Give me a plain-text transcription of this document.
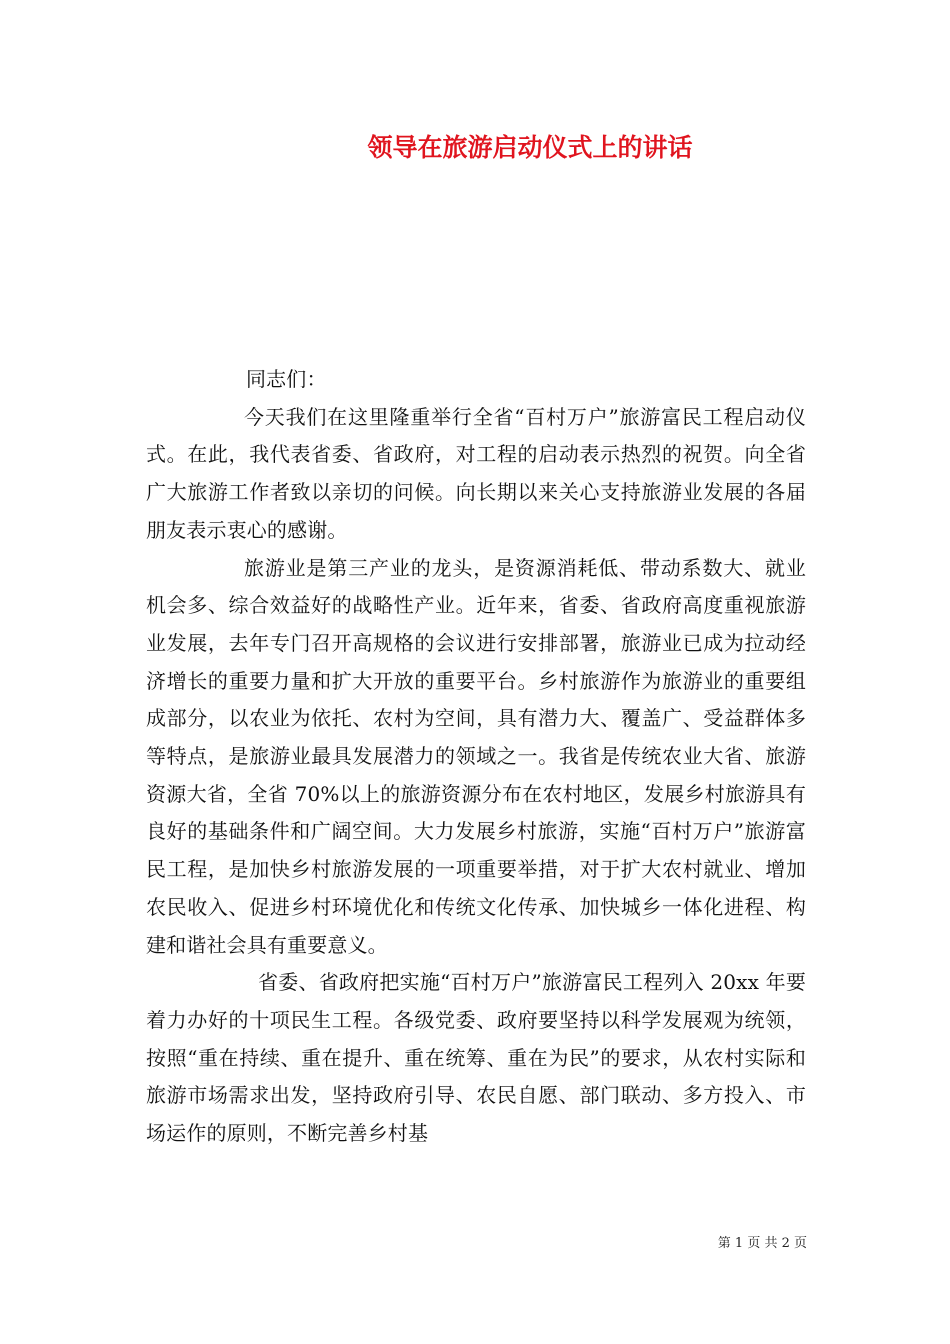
领导在旅游启动仪式上的讲话

同志们：

今天我们在这里隆重举行全省“百村万户”旅游富民工程启动仪式。在此，我代表省委、省政府，对工程的启动表示热烈的祝贺。向全省广大旅游工作者致以亲切的问候。向长期以来关心支持旅游业发展的各届朋友表示衷心的感谢。

旅游业是第三产业的龙头，是资源消耗低、带动系数大、就业机会多、综合效益好的战略性产业。近年来，省委、省政府高度重视旅游业发展，去年专门召开高规格的会议进行安排部署，旅游业已成为拉动经济增长的重要力量和扩大开放的重要平台。乡村旅游作为旅游业的重要组成部分，以农业为依托、农村为空间，具有潜力大、覆盖广、受益群体多等特点，是旅游业最具发展潜力的领域之一。我省是传统农业大省、旅游资源大省，全省 70%以上的旅游资源分布在农村地区，发展乡村旅游具有良好的基础条件和广阔空间。大力发展乡村旅游，实施“百村万户”旅游富民工程，是加快乡村旅游发展的一项重要举措，对于扩大农村就业、增加农民收入、促进乡村环境优化和传统文化传承、加快城乡一体化进程、构建和谐社会具有重要意义。

省委、省政府把实施“百村万户”旅游富民工程列入 20xx 年要着力办好的十项民生工程。各级党委、政府要坚持以科学发展观为统领，按照“重在持续、重在提升、重在统筹、重在为民”的要求，从农村实际和旅游市场需求出发，坚持政府引导、农民自愿、部门联动、多方投入、市场运作的原则，不断完善乡村基

第 1 页 共 2 页
